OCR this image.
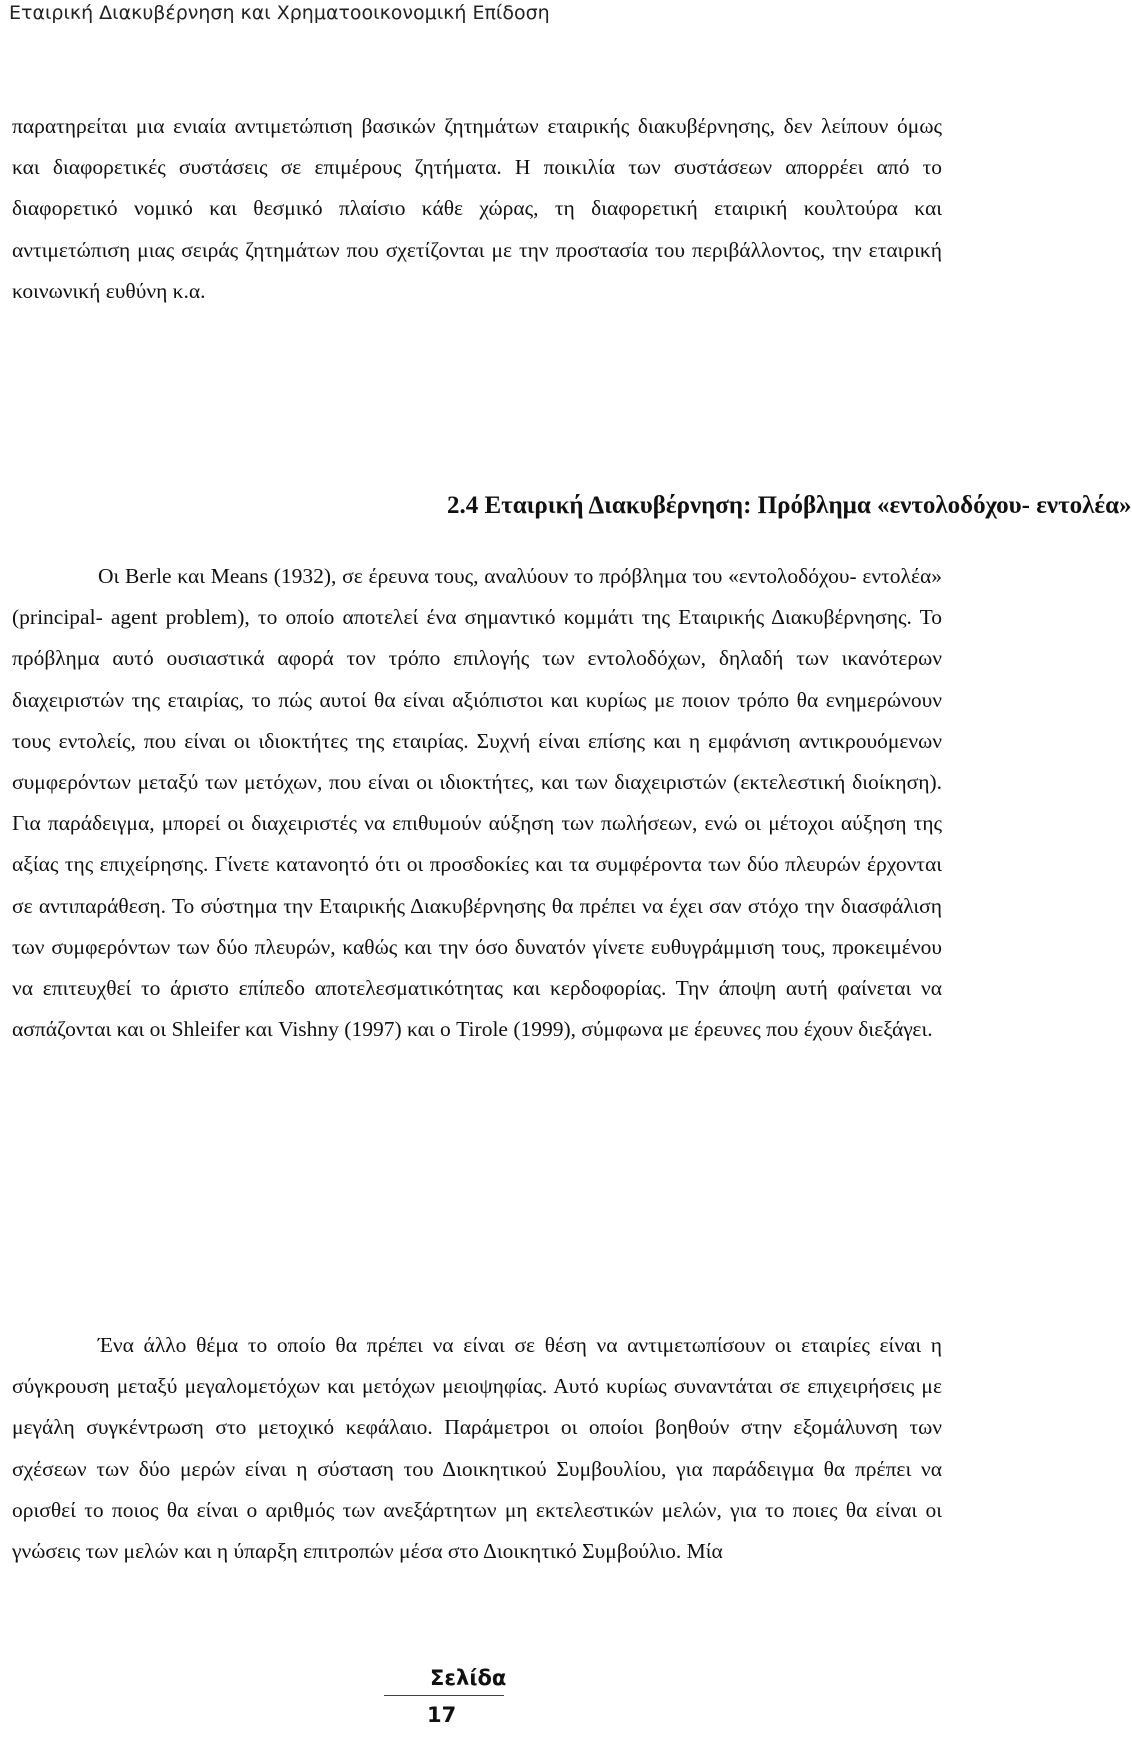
Εταιρική Διακυβέρνηση και Χρηματοοικονομική Επίδοση

παρατηρείται μια ενιαία αντιμετώπιση βασικών ζητημάτων εταιρικής διακυβέρνησης, δεν λείπουν όμως και διαφορετικές συστάσεις σε επιμέρους ζητήματα. Η ποικιλία των συστάσεων απορρέει από το διαφορετικό νομικό και θεσμικό πλαίσιο κάθε χώρας, τη διαφορετική εταιρική κουλτούρα και αντιμετώπιση μιας σειράς ζητημάτων που σχετίζονται με την προστασία του περιβάλλοντος, την εταιρική κοινωνική ευθύνη κ.α.

2.4 Εταιρική Διακυβέρνηση: Πρόβλημα «εντολοδόχου- εντολέα»

Οι Berle και Means (1932), σε έρευνα τους, αναλύουν το πρόβλημα του «εντολοδόχου- εντολέα» (principal- agent problem), το οποίο αποτελεί ένα σημαντικό κομμάτι της Εταιρικής Διακυβέρνησης. Το πρόβλημα αυτό ουσιαστικά αφορά τον τρόπο επιλογής των εντολοδόχων, δηλαδή των ικανότερων διαχειριστών της εταιρίας, το πώς αυτοί θα είναι αξιόπιστοι και κυρίως με ποιον τρόπο θα ενημερώνουν τους εντολείς, που είναι οι ιδιοκτήτες της εταιρίας. Συχνή είναι επίσης και η εμφάνιση αντικρουόμενων συμφερόντων μεταξύ των μετόχων, που είναι οι ιδιοκτήτες, και των διαχειριστών (εκτελεστική διοίκηση). Για παράδειγμα, μπορεί οι διαχειριστές να επιθυμούν αύξηση των πωλήσεων, ενώ οι μέτοχοι αύξηση της αξίας της επιχείρησης. Γίνετε κατανοητό ότι οι προσδοκίες και τα συμφέροντα των δύο πλευρών έρχονται σε αντιπαράθεση. Το σύστημα την Εταιρικής Διακυβέρνησης θα πρέπει να έχει σαν στόχο την διασφάλιση των συμφερόντων των δύο πλευρών, καθώς και την όσο δυνατόν γίνετε ευθυγράμμιση τους, προκειμένου να επιτευχθεί το άριστο επίπεδο αποτελεσματικότητας και κερδοφορίας. Την άποψη αυτή φαίνεται να ασπάζονται και οι Shleifer και Vishny (1997) και ο Tirole (1999), σύμφωνα με έρευνες που έχουν διεξάγει.

Ένα άλλο θέμα το οποίο θα πρέπει να είναι σε θέση να αντιμετωπίσουν οι εταιρίες είναι η σύγκρουση μεταξύ μεγαλομετόχων και μετόχων μειοψηφίας. Αυτό κυρίως συναντάται σε επιχειρήσεις με μεγάλη συγκέντρωση στο μετοχικό κεφάλαιο. Παράμετροι οι οποίοι βοηθούν στην εξομάλυνση των σχέσεων των δύο μερών είναι η σύσταση του Διοικητικού Συμβουλίου, για παράδειγμα θα πρέπει να ορισθεί το ποιος θα είναι ο αριθμός των ανεξάρτητων μη εκτελεστικών μελών, για το ποιες θα είναι οι γνώσεις των μελών και η ύπαρξη επιτροπών μέσα στο Διοικητικό Συμβούλιο. Μία

Σελίδα
17
